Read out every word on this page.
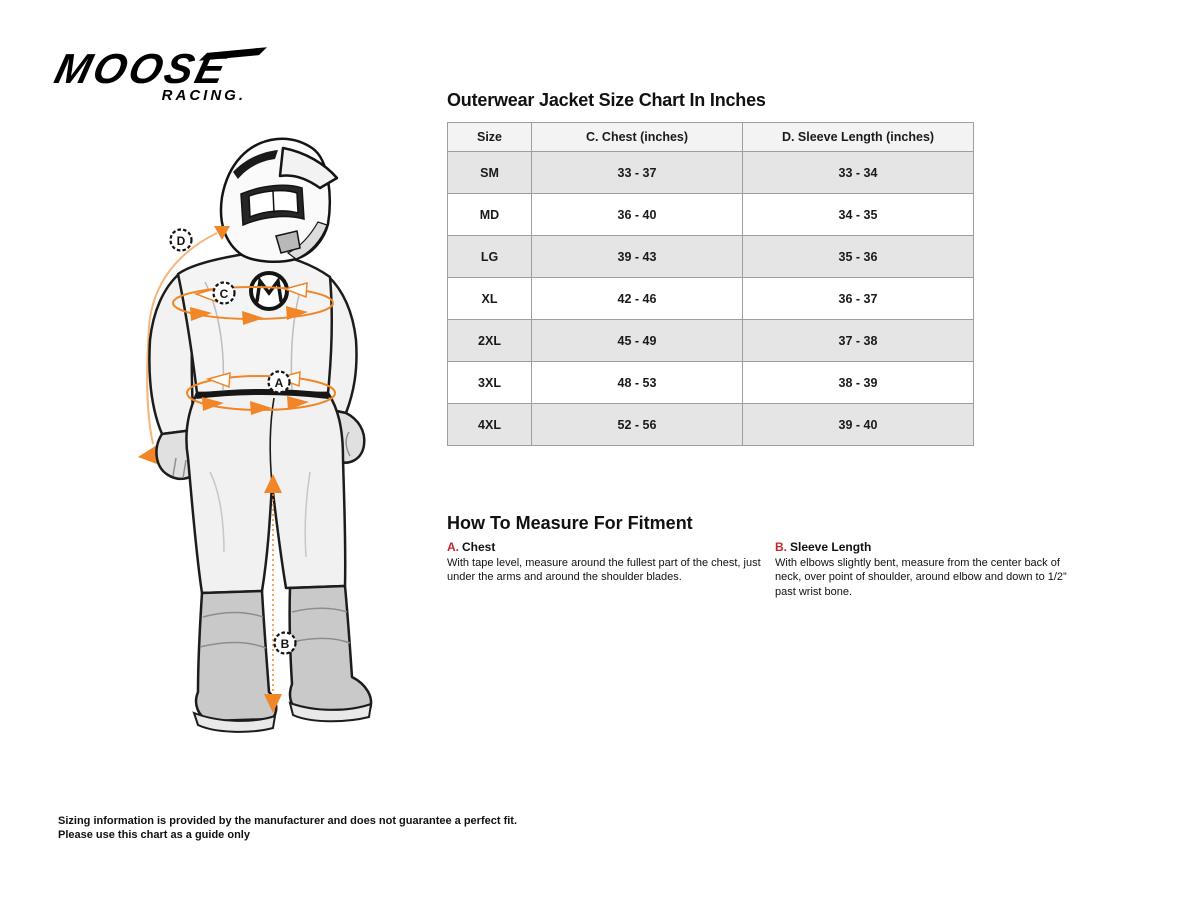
MOOSE
RACING.
D
C
A
B
Outerwear Jacket Size Chart In Inches
Size	C. Chest (inches)	D. Sleeve Length (inches)
SM	33 - 37	33 - 34
MD	36 - 40	34 - 35
LG	39 - 43	35 - 36
XL	42 - 46	36 - 37
2XL	45 - 49	37 - 38
3XL	48 - 53	38 - 39
4XL	52 - 56	39 - 40
How To Measure For Fitment
A. Chest

With tape level, measure around the fullest part of the chest, just under the arms and around the shoulder blades.

B. Sleeve Length

With elbows slightly bent, measure from the center back of neck, over point of shoulder, around elbow and down to 1/2” past wrist bone.

Sizing information is provided by the manufacturer and does not guarantee a perfect fit.
Please use this chart as a guide only
